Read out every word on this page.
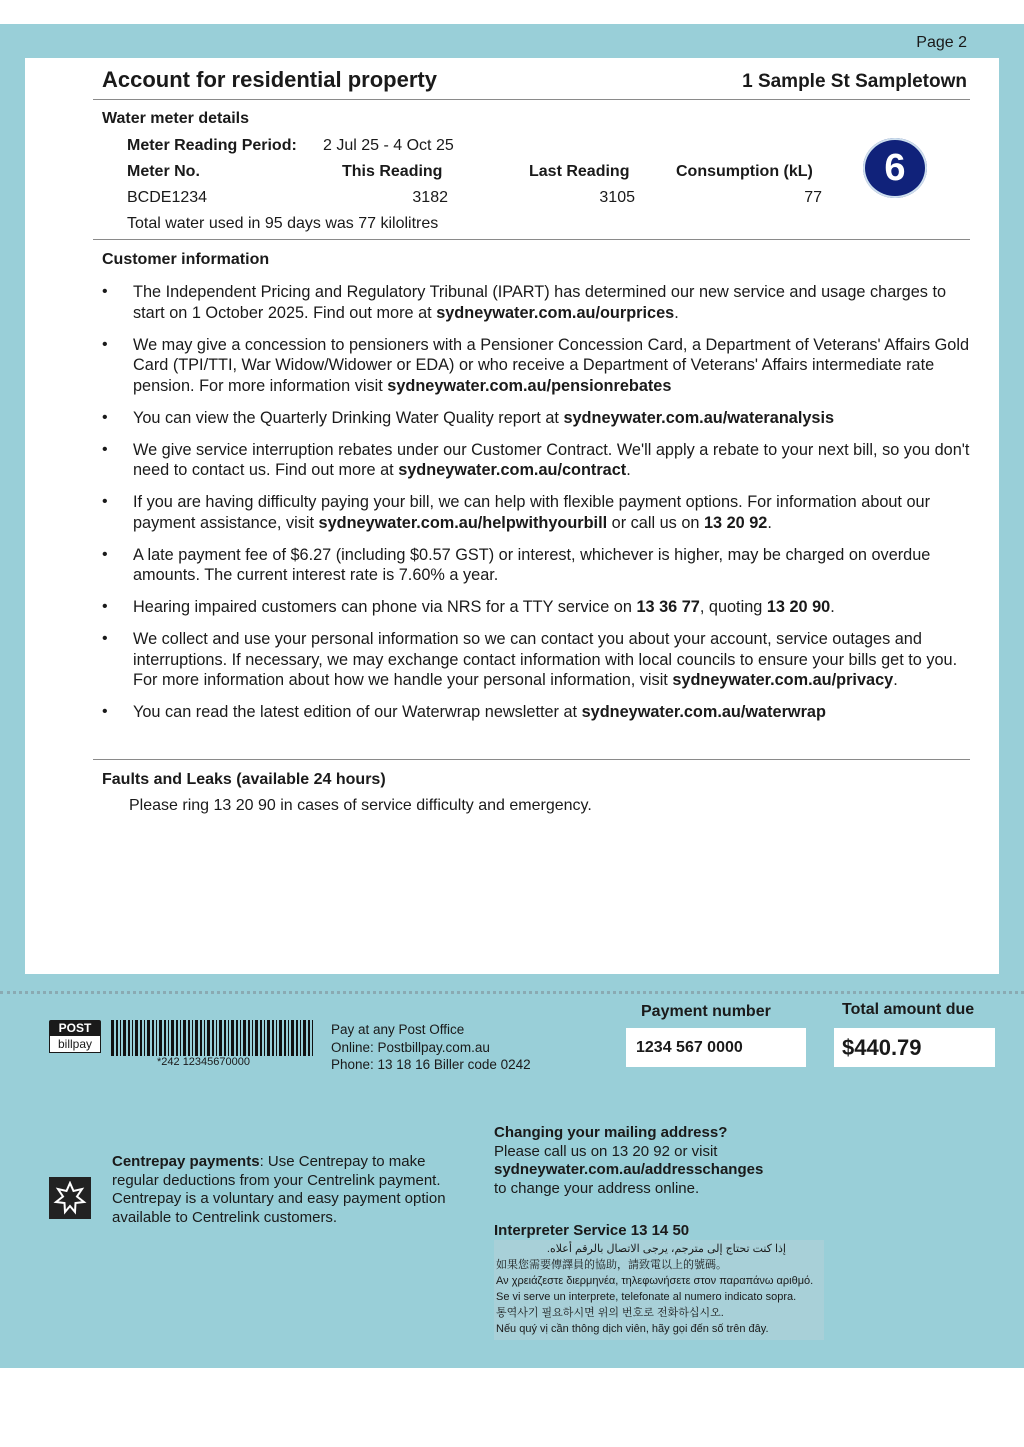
Page 2
Account for residential property	1 Sample St Sampletown
Water meter details
Meter Reading Period: 2 Jul 25 - 4 Oct 25
Meter No.	This Reading	Last Reading	Consumption (kL)
BCDE1234	3182	3105	77
6
Total water used in 95 days was 77 kilolitres
Customer information
• The Independent Pricing and Regulatory Tribunal (IPART) has determined our new service and usage charges to start on 1 October 2025. Find out more at sydneywater.com.au/ourprices.
• We may give a concession to pensioners with a Pensioner Concession Card, a Department of Veterans' Affairs Gold Card (TPI/TTI, War Widow/Widower or EDA) or who receive a Department of Veterans' Affairs intermediate rate pension. For more information visit sydneywater.com.au/pensionrebates
• You can view the Quarterly Drinking Water Quality report at sydneywater.com.au/wateranalysis
• We give service interruption rebates under our Customer Contract. We'll apply a rebate to your next bill, so you don't need to contact us. Find out more at sydneywater.com.au/contract.
• If you are having difficulty paying your bill, we can help with flexible payment options. For information about our payment assistance, visit sydneywater.com.au/helpwithyourbill or call us on 13 20 92.
• A late payment fee of $6.27 (including $0.57 GST) or interest, whichever is higher, may be charged on overdue amounts. The current interest rate is 7.60% a year.
• Hearing impaired customers can phone via NRS for a TTY service on 13 36 77, quoting 13 20 90.
• We collect and use your personal information so we can contact you about your account, service outages and interruptions. If necessary, we may exchange contact information with local councils to ensure your bills get to you. For more information about how we handle your personal information, visit sydneywater.com.au/privacy.
• You can read the latest edition of our Waterwrap newsletter at sydneywater.com.au/waterwrap
Faults and Leaks (available 24 hours)
Please ring 13 20 90 in cases of service difficulty and emergency.
POST
billpay
*242 12345670000
Pay at any Post Office
Online: Postbillpay.com.au
Phone: 13 18 16 Biller code 0242
Payment number
1234 567 0000
Total amount due
$440.79
Centrepay payments: Use Centrepay to make regular deductions from your Centrelink payment. Centrepay is a voluntary and easy payment option available to Centrelink customers.
Changing your mailing address?
Please call us on 13 20 92 or visit
sydneywater.com.au/addresschanges
to change your address online.
Interpreter Service 13 14 50
إذا كنت تحتاج إلى مترجم، يرجى الاتصال بالرقم أعلاه.
如果您需要傳譯員的協助，請致電以上的號碼。
Αν χρειάζεστε διερμηνέα, τηλεφωνήσετε στον παραπάνω αριθμό.
Se vi serve un interprete, telefonate al numero indicato sopra.
통역사기 필요하시면 위의 번호로 전화하십시오.
Nếu quý vị cần thông dịch viên, hãy gọi đến số trên đây.
